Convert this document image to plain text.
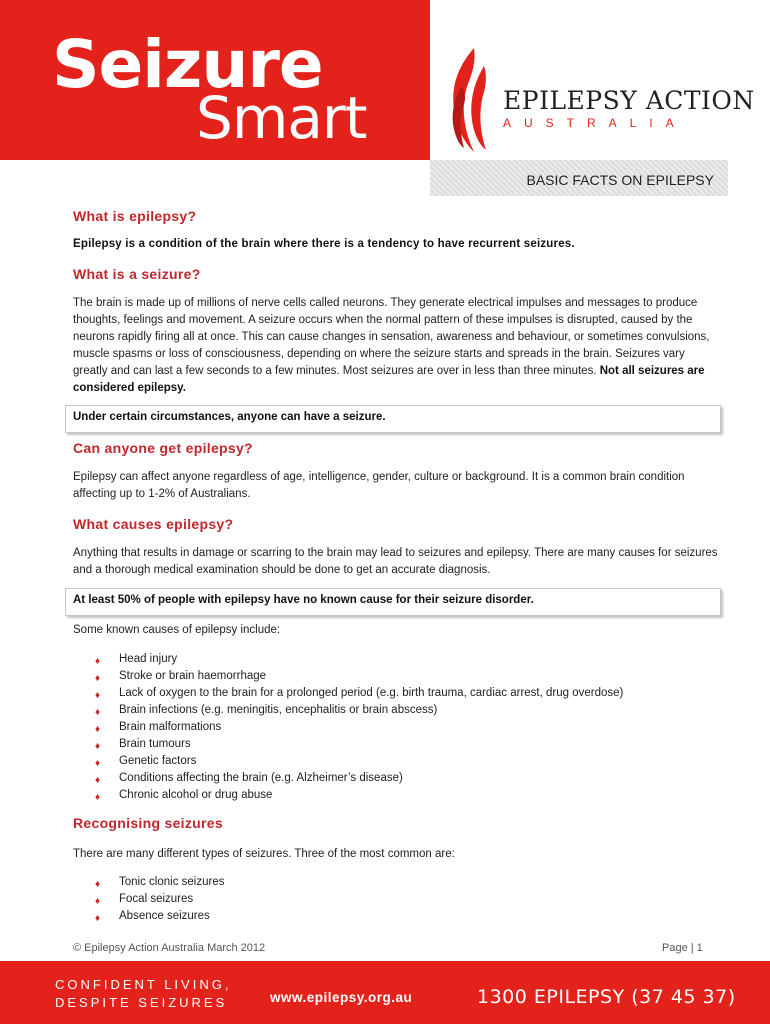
Seizure
Smart	EPILEPSY ACTION
AUSTRALIA
BASIC FACTS ON EPILEPSY
What is epilepsy?

Epilepsy is a condition of the brain where there is a tendency to have recurrent seizures.

What is a seizure?

The brain is made up of millions of nerve cells called neurons. They generate electrical impulses and messages to produce thoughts, feelings and movement. A seizure occurs when the normal pattern of these impulses is disrupted, caused by the neurons rapidly firing all at once. This can cause changes in sensation, awareness and behaviour, or sometimes convulsions, muscle spasms or loss of consciousness, depending on where the seizure starts and spreads in the brain. Seizures vary greatly and can last a few seconds to a few minutes. Most seizures are over in less than three minutes. Not all seizures are considered epilepsy.

Under certain circumstances, anyone can have a seizure.
Can anyone get epilepsy?

Epilepsy can affect anyone regardless of age, intelligence, gender, culture or background. It is a common brain condition affecting up to 1-2% of Australians.

What causes epilepsy?

Anything that results in damage or scarring to the brain may lead to seizures and epilepsy. There are many causes for seizures and a thorough medical examination should be done to get an accurate diagnosis.

At least 50% of people with epilepsy have no known cause for their seizure disorder.

Some known causes of epilepsy include:

♦ Head injury
♦ Stroke or brain haemorrhage
♦ Lack of oxygen to the brain for a prolonged period (e.g. birth trauma, cardiac arrest, drug overdose)
♦ Brain infections (e.g. meningitis, encephalitis or brain abscess)
♦ Brain malformations
♦ Brain tumours
♦ Genetic factors
♦ Conditions affecting the brain (e.g. Alzheimer’s disease)
♦ Chronic alcohol or drug abuse
Recognising seizures

There are many different types of seizures. Three of the most common are:

♦ Tonic clonic seizures
♦ Focal seizures
♦ Absence seizures
© Epilepsy Action Australia March 2012	Page | 1
CONFIDENT LIVING,
DESPITE SEIZURES	www.epilepsy.org.au	1300 EPILEPSY (37 45 37)
